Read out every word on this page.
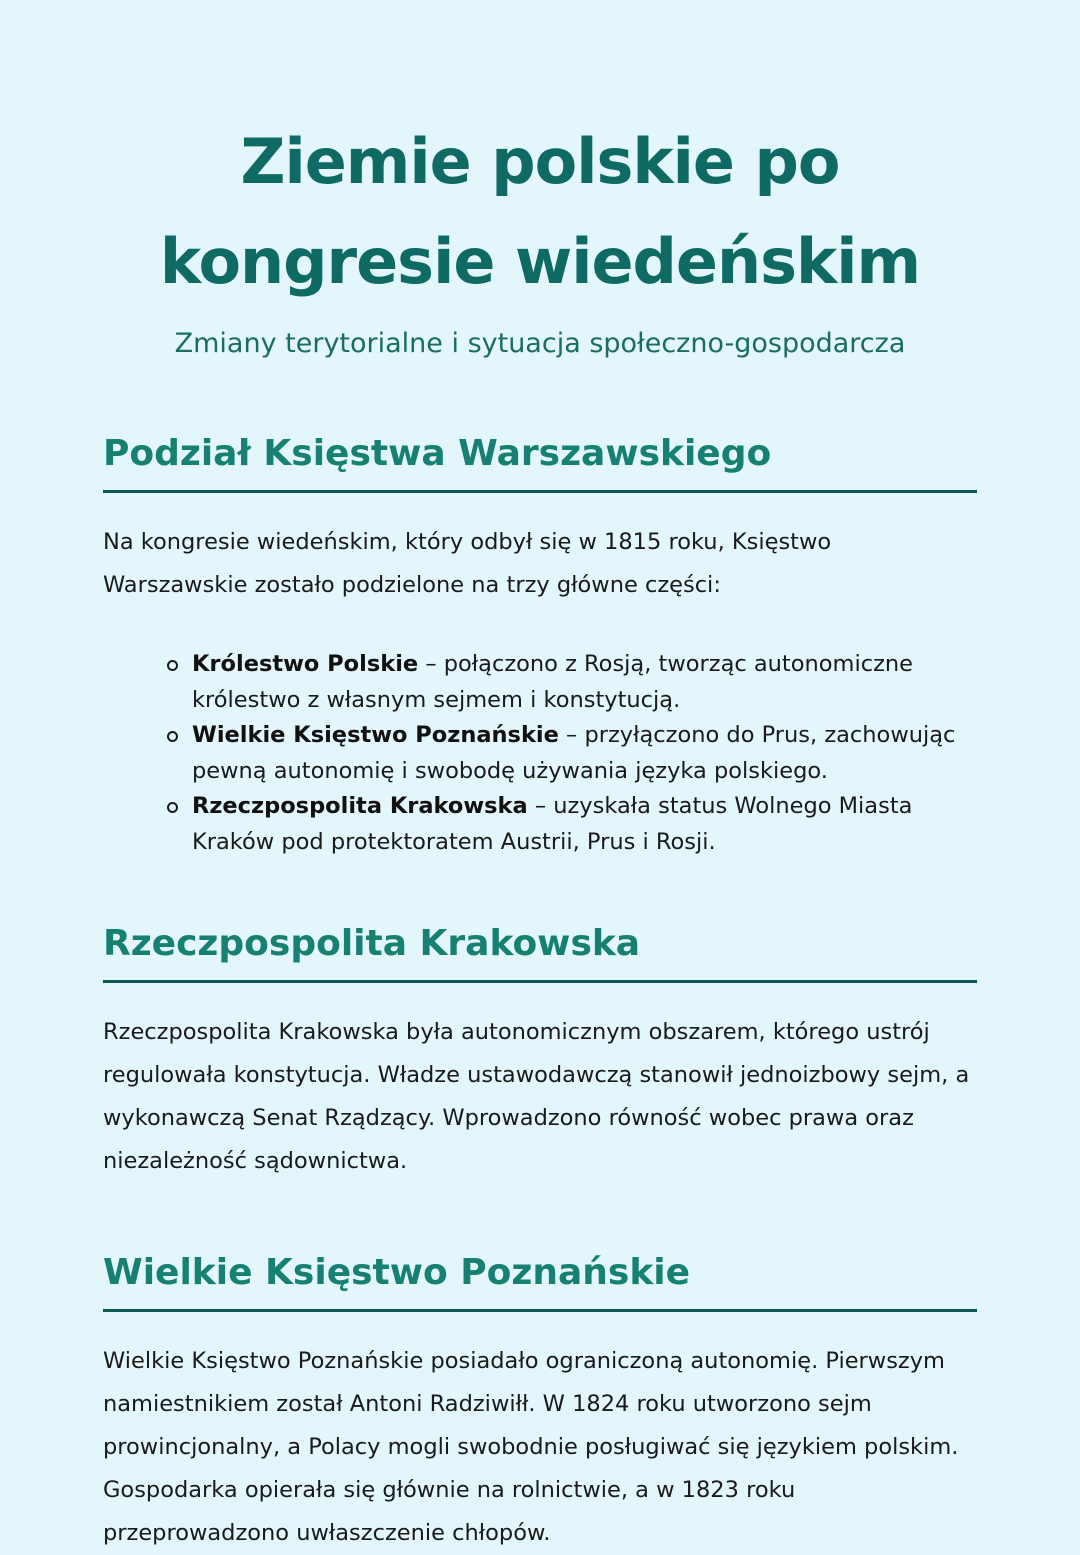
Ziemie polskie po
kongresie wiedeńskim

Zmiany terytorialne i sytuacja społeczno-gospodarcza

Podział Księstwa Warszawskiego

Na kongresie wiedeńskim, który odbył się w 1815 roku, Księstwo Warszawskie zostało podzielone na trzy główne części:

Królestwo Polskie – połączono z Rosją, tworząc autonomiczne królestwo z własnym sejmem i konstytucją.
Wielkie Księstwo Poznańskie – przyłączono do Prus, zachowując pewną autonomię i swobodę używania języka polskiego.
Rzeczpospolita Krakowska – uzyskała status Wolnego Miasta Kraków pod protektoratem Austrii, Prus i Rosji.
Rzeczpospolita Krakowska

Rzeczpospolita Krakowska była autonomicznym obszarem, którego ustrój regulowała konstytucja. Władze ustawodawczą stanowił jednoizbowy sejm, a wykonawczą Senat Rządzący. Wprowadzono równość wobec prawa oraz niezależność sądownictwa.

Wielkie Księstwo Poznańskie

Wielkie Księstwo Poznańskie posiadało ograniczoną autonomię. Pierwszym namiestnikiem został Antoni Radziwiłł. W 1824 roku utworzono sejm prowincjonalny, a Polacy mogli swobodnie posługiwać się językiem polskim. Gospodarka opierała się głównie na rolnictwie, a w 1823 roku przeprowadzono uwłaszczenie chłopów.
